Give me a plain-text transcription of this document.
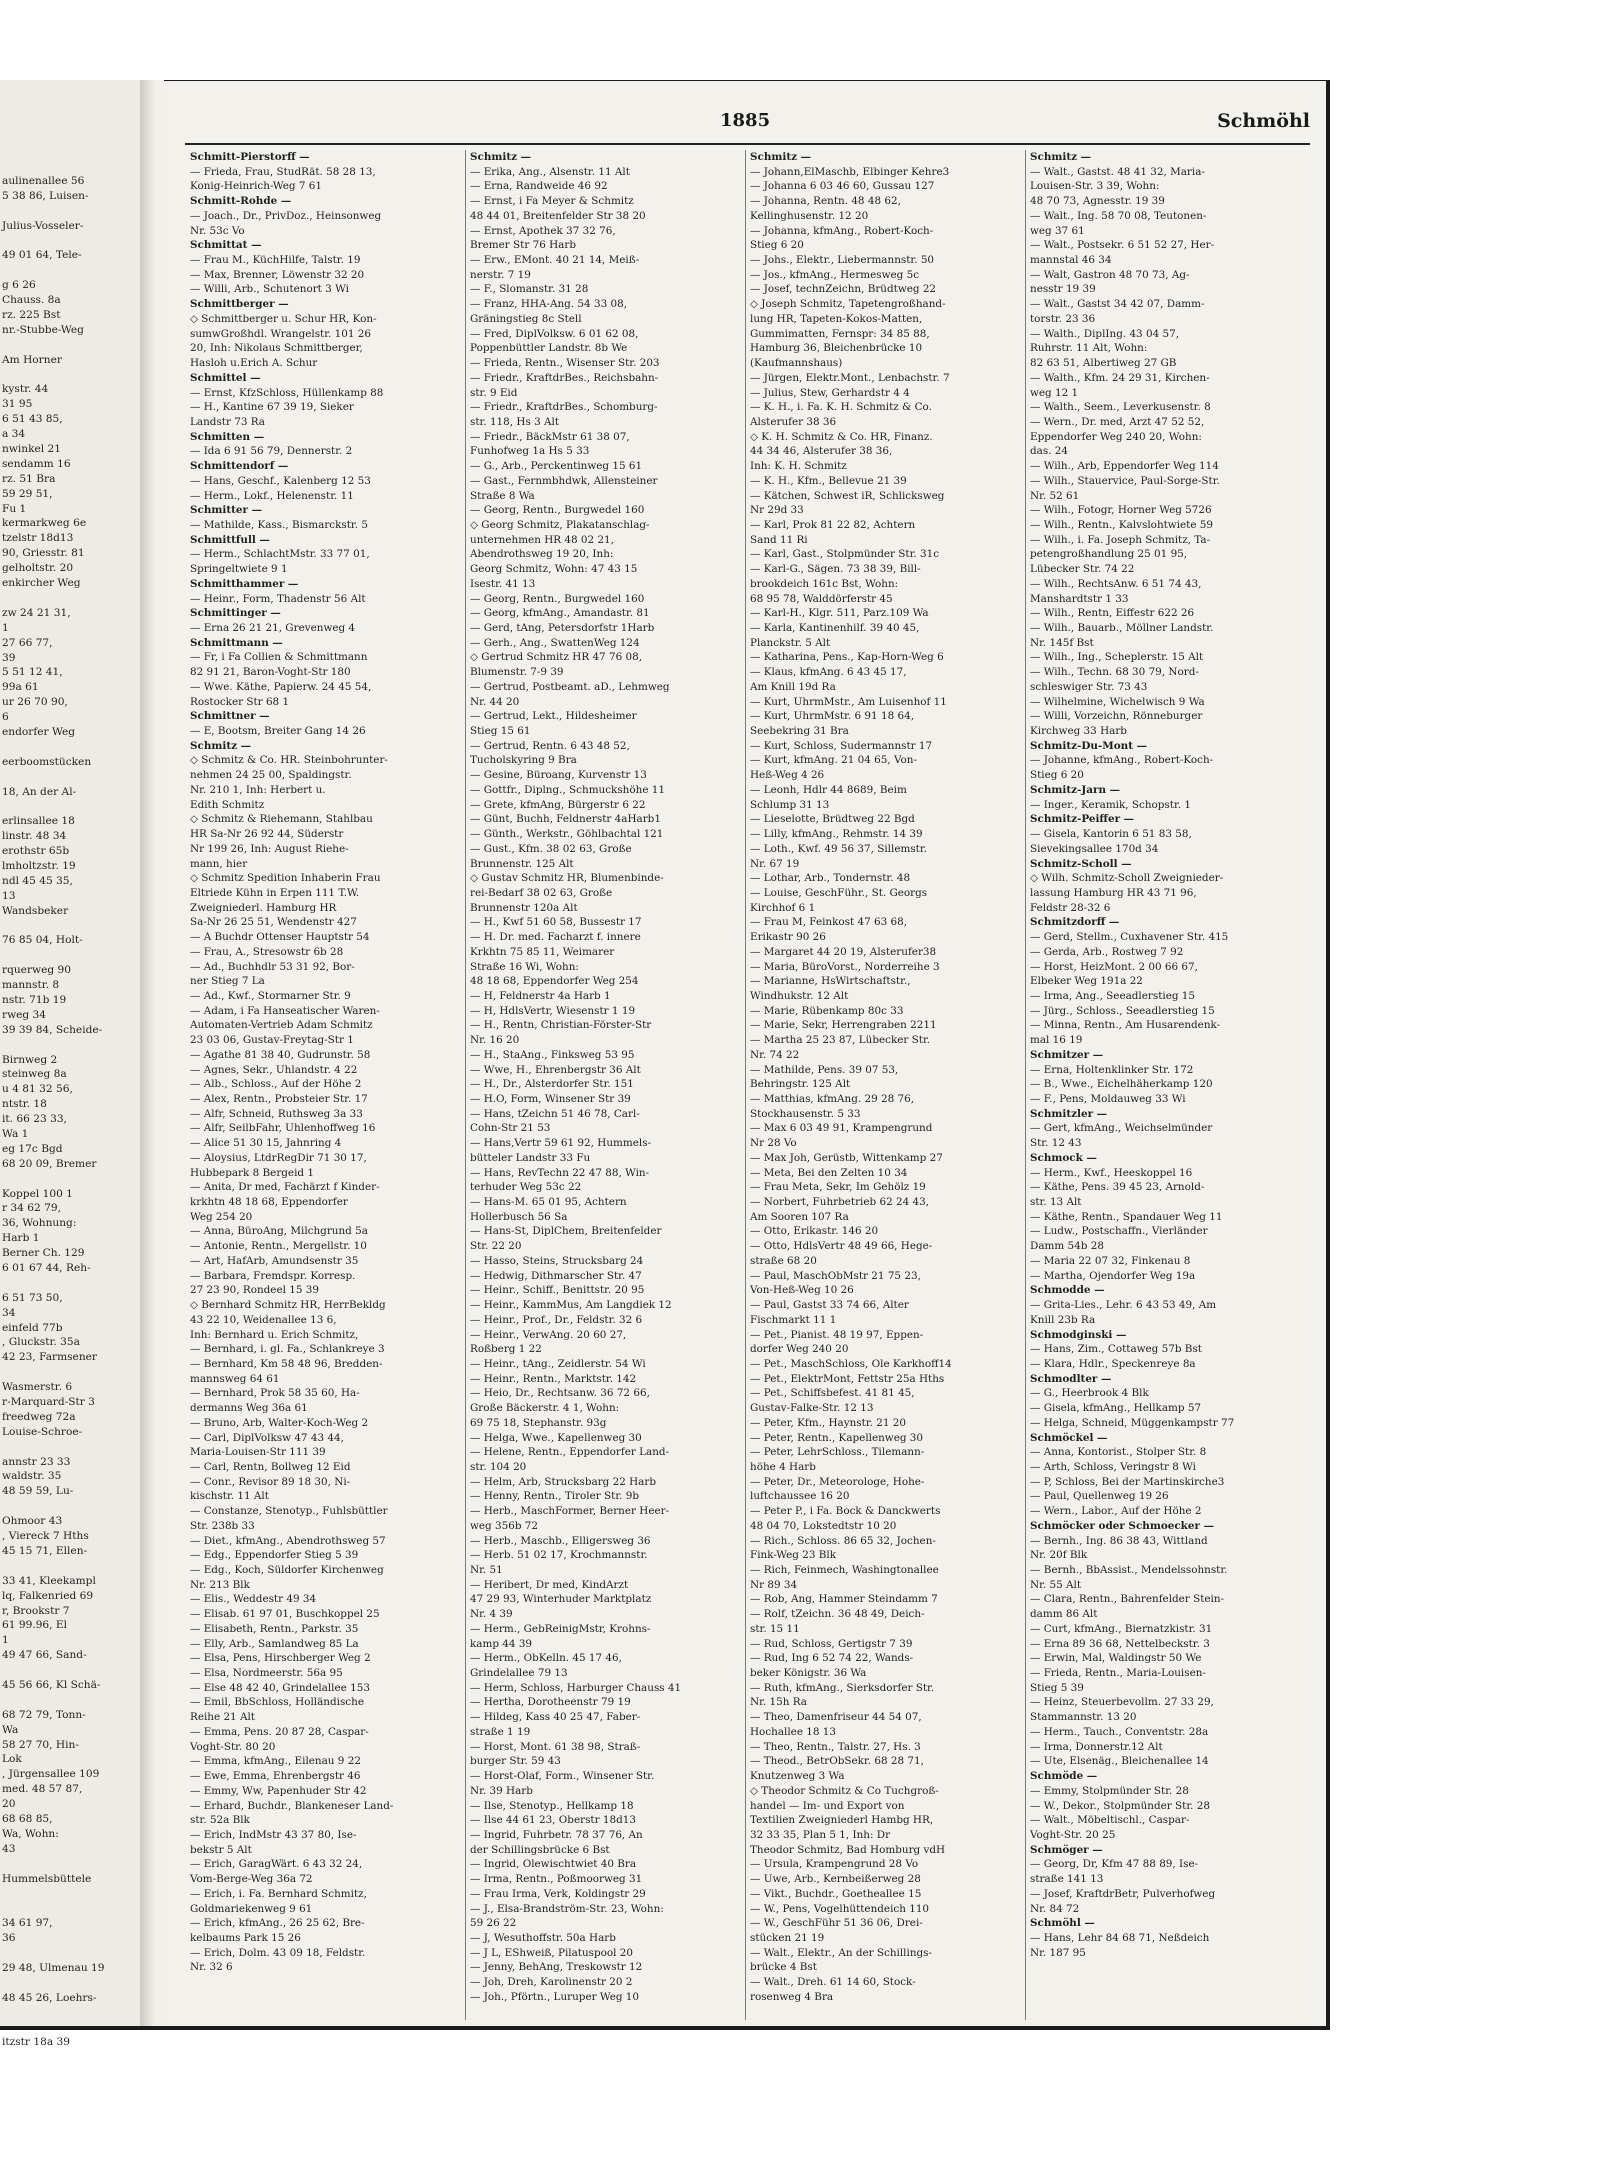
aulinenallee 56
5 38 86, Luisen-
Julius-Vosseler-
49 01 64, Tele-
g 6 26
Chauss. 8a
rz. 225 Bst
nr.-Stubbe-Weg
Am Horner
kystr. 44
31 95
6 51 43 85,
a 34
nwinkel 21
sendamm 16
rz. 51 Bra
59 29 51,
Fu 1
kermarkweg 6e
tzelstr 18d13
90, Griesstr. 81
gelholtstr. 20
enkircher Weg
zw 24 21 31,
1
27 66 77,
39
5 51 12 41,
99a 61
ur 26 70 90,
6
endorfer Weg
eerboomstücken
18, An der Al-
erlinsallee 18
linstr. 48 34
erothstr 65b
lmholtzstr. 19
ndl 45 45 35,
13
Wandsbeker
76 85 04, Holt-
rquerweg 90
mannstr. 8
nstr. 71b 19
rweg 34
39 39 84, Scheide-
Birnweg 2
steinweg 8a
u 4 81 32 56,
ntstr. 18
it. 66 23 33,
Wa 1
eg 17c Bgd
68 20 09, Bremer
Koppel 100 1
r 34 62 79,
36, Wohnung:
Harb 1
Berner Ch. 129
6 01 67 44, Reh-
6 51 73 50,
34
einfeld 77b
, Gluckstr. 35a
42 23, Farmsener
Wasmerstr. 6
r-Marquard-Str 3
freedweg 72a
Louise-Schroe-
annstr 23 33
waldstr. 35
48 59 59, Lu-
Ohmoor 43
, Viereck 7 Hths
45 15 71, Ellen-
33 41, Kleekampl
lq, Falkenried 69
r, Brookstr 7
61 99.96, El
1
49 47 66, Sand-
45 56 66, Kl Schä-
68 72 79, Tonn-
Wa
58 27 70, Hin-
Lok
, Jürgensallee 109
med. 48 57 87,
20
68 68 85,
Wa, Wohn:
43
Hummelsbüttele
34 61 97,
36
29 48, Ulmenau 19
48 45 26, Loehrs-
itzstr 18a 39
1885	Schmöhl
Schmitt-Pierstorff —
— Frieda, Frau, StudRät. 58 28 13,
Konig-Heinrich-Weg 7 61
Schmitt-Rohde —
— Joach., Dr., PrivDoz., Heinsonweg
Nr. 53c Vo
Schmittat —
— Frau M., KüchHilfe, Talstr. 19
— Max, Brenner, Löwenstr 32 20
— Willi, Arb., Schutenort 3 Wi
Schmittberger —
◇ Schmittberger u. Schur HR, Kon-
sumwGroßhdl. Wrangelstr. 101 26
20, Inh: Nikolaus Schmittberger,
Hasloh u.Erich A. Schur
Schmittel —
— Ernst, KfzSchloss, Hüllenkamp 88
— H., Kantine 67 39 19, Sieker
Landstr 73 Ra
Schmitten —
— Ida 6 91 56 79, Dennerstr. 2
Schmittendorf —
— Hans, Geschf., Kalenberg 12 53
— Herm., Lokf., Helenenstr. 11
Schmitter —
— Mathilde, Kass., Bismarckstr. 5
Schmittfull —
— Herm., SchlachtMstr. 33 77 01,
Springeltwiete 9 1
Schmitthammer —
— Heinr., Form, Thadenstr 56 Alt
Schmittinger —
— Erna 26 21 21, Grevenweg 4
Schmittmann —
— Fr, i Fa Collien & Schmittmann
82 91 21, Baron-Voght-Str 180
— Wwe. Käthe, Papierw. 24 45 54,
Rostocker Str 68 1
Schmittner —
— E, Bootsm, Breiter Gang 14 26
Schmitz —
◇ Schmitz & Co. HR. Steinbohrunter-
nehmen 24 25 00, Spaldingstr.
Nr. 210 1, Inh: Herbert u.
Edith Schmitz
◇ Schmitz & Riehemann, Stahlbau
HR Sa-Nr 26 92 44, Süderstr
Nr 199 26, Inh: August Riehe-
mann, hier
◇ Schmitz Spedition Inhaberin Frau
Eltriede Kühn in Erpen 111 T.W.
Zweigniederl. Hamburg HR
Sa-Nr 26 25 51, Wendenstr 427
— A Buchdr Ottenser Hauptstr 54
— Frau, A., Stresowstr 6b 28
— Ad., Buchhdlr 53 31 92, Bor-
ner Stieg 7 La
— Ad., Kwf., Stormarner Str. 9
— Adam, i Fa Hanseatischer Waren-
Automaten-Vertrieb Adam Schmitz
23 03 06, Gustav-Freytag-Str 1
— Agathe 81 38 40, Gudrunstr. 58
— Agnes, Sekr., Uhlandstr. 4 22
— Alb., Schloss., Auf der Höhe 2
— Alex, Rentn., Probsteier Str. 17
— Alfr, Schneid, Ruthsweg 3a 33
— Alfr, SeilbFahr, Uhlenhoffweg 16
— Alice 51 30 15, Jahnring 4
— Aloysius, LtdrRegDir 71 30 17,
Hubbepark 8 Bergeid 1
— Anita, Dr med, Fachärzt f Kinder-
krkhtn 48 18 68, Eppendorfer
Weg 254 20
— Anna, BüroAng, Milchgrund 5a
— Antonie, Rentn., Mergellstr. 10
— Art, HafArb, Amundsenstr 35
— Barbara, Fremdspr. Korresp.
27 23 90, Rondeel 15 39
◇ Bernhard Schmitz HR, HerrBekldg
43 22 10, Weidenallee 13 6,
Inh: Bernhard u. Erich Schmitz,
— Bernhard, i. gl. Fa., Schlankreye 3
— Bernhard, Km 58 48 96, Bredden-
mannsweg 64 61
— Bernhard, Prok 58 35 60, Ha-
dermanns Weg 36a 61
— Bruno, Arb, Walter-Koch-Weg 2
— Carl, DiplVolksw 47 43 44,
Maria-Louisen-Str 111 39
— Carl, Rentn, Bollweg 12 Eid
— Conr., Revisor 89 18 30, Ni-
kischstr. 11 Alt
— Constanze, Stenotyp., Fuhlsbüttler
Str. 238b 33
— Diet., kfmAng., Abendrothsweg 57
— Edg., Eppendorfer Stieg 5 39
— Edg., Koch, Süldorfer Kirchenweg
Nr. 213 Blk
— Elis., Weddestr 49 34
— Elisab. 61 97 01, Buschkoppel 25
— Elisabeth, Rentn., Parkstr. 35
— Elly, Arb., Samlandweg 85 La
— Elsa, Pens, Hirschberger Weg 2
— Elsa, Nordmeerstr. 56a 95
— Else 48 42 40, Grindelallee 153
— Emil, BbSchloss, Holländische
Reihe 21 Alt
— Emma, Pens. 20 87 28, Caspar-
Voght-Str. 80 20
— Emma, kfmAng., Eilenau 9 22
— Ewe, Emma, Ehrenbergstr 46
— Emmy, Ww, Papenhuder Str 42
— Erhard, Buchdr., Blankeneser Land-
str. 52a Blk
— Erich, IndMstr 43 37 80, Ise-
bekstr 5 Alt
— Erich, GaragWärt. 6 43 32 24,
Vom-Berge-Weg 36a 72
— Erich, i. Fa. Bernhard Schmitz,
Goldmariekenweg 9 61
— Erich, kfmAng., 26 25 62, Bre-
kelbaums Park 15 26
— Erich, Dolm. 43 09 18, Feldstr.
Nr. 32 6
Schmitz —
— Erika, Ang., Alsenstr. 11 Alt
— Erna, Randweide 46 92
— Ernst, i Fa Meyer & Schmitz
48 44 01, Breitenfelder Str 38 20
— Ernst, Apothek 37 32 76,
Bremer Str 76 Harb
— Erw., EMont. 40 21 14, Meiß-
nerstr. 7 19
— F., Slomanstr. 31 28
— Franz, HHA-Ang. 54 33 08,
Gräningstieg 8c Stell
— Fred, DiplVolksw. 6 01 62 08,
Poppenbüttler Landstr. 8b We
— Frieda, Rentn., Wisenser Str. 203
— Friedr., KraftdrBes., Reichsbahn-
str. 9 Eid
— Friedr., KraftdrBes., Schomburg-
str. 118, Hs 3 Alt
— Friedr., BäckMstr 61 38 07,
Funhofweg 1a Hs 5 33
— G., Arb., Perckentinweg 15 61
— Gast., Fernmbhdwk, Allensteiner
Straße 8 Wa
— Georg, Rentn., Burgwedel 160
◇ Georg Schmitz, Plakatanschlag-
unternehmen HR 48 02 21,
Abendrothsweg 19 20, Inh:
Georg Schmitz, Wohn: 47 43 15
Isestr. 41 13
— Georg, Rentn., Burgwedel 160
— Georg, kfmAng., Amandastr. 81
— Gerd, tAng, Petersdorfstr 1Harb
— Gerh., Ang., SwattenWeg 124
◇ Gertrud Schmitz HR 47 76 08,
Blumenstr. 7-9 39
— Gertrud, Postbeamt. aD., Lehmweg
Nr. 44 20
— Gertrud, Lekt., Hildesheimer
Stieg 15 61
— Gertrud, Rentn. 6 43 48 52,
Tucholskyring 9 Bra
— Gesine, Büroang, Kurvenstr 13
— Gottfr., Diplng., Schmuckshöhe 11
— Grete, kfmAng, Bürgerstr 6 22
— Günt, Buchh, Feldnerstr 4aHarb1
— Günth., Werkstr., Göhlbachtal 121
— Gust., Kfm. 38 02 63, Große
Brunnenstr. 125 Alt
◇ Gustav Schmitz HR, Blumenbinde-
rei-Bedarf 38 02 63, Große
Brunnenstr 120a Alt
— H., Kwf 51 60 58, Bussestr 17
— H. Dr. med. Facharzt f. innere
Krkhtn 75 85 11, Weimarer
Straße 16 Wi, Wohn:
48 18 68, Eppendorfer Weg 254
— H, Feldnerstr 4a Harb 1
— H, HdlsVertr, Wiesenstr 1 19
— H., Rentn, Christian-Förster-Str
Nr. 16 20
— H., StaAng., Finksweg 53 95
— Wwe, H., Ehrenbergstr 36 Alt
— H., Dr., Alsterdorfer Str. 151
— H.O, Form, Winsener Str 39
— Hans, tZeichn 51 46 78, Carl-
Cohn-Str 21 53
— Hans,Vertr 59 61 92, Hummels-
bütteler Landstr 33 Fu
— Hans, RevTechn 22 47 88, Win-
terhuder Weg 53c 22
— Hans-M. 65 01 95, Achtern
Hollerbusch 56 Sa
— Hans-St, DiplChem, Breitenfelder
Str. 22 20
— Hasso, Steins, Strucksbarg 24
— Hedwig, Dithmarscher Str. 47
— Heinr., Schiff., Benittstr. 20 95
— Heinr., KammMus, Am Langdiek 12
— Heinr., Prof., Dr., Feldstr. 32 6
— Heinr., VerwAng. 20 60 27,
Roßberg 1 22
— Heinr., tAng., Zeidlerstr. 54 Wi
— Heinr., Rentn., Marktstr. 142
— Heio, Dr., Rechtsanw. 36 72 66,
Große Bäckerstr. 4 1, Wohn:
69 75 18, Stephanstr. 93g
— Helga, Wwe., Kapellenweg 30
— Helene, Rentn., Eppendorfer Land-
str. 104 20
— Helm, Arb, Strucksbarg 22 Harb
— Henny, Rentn., Tiroler Str. 9b
— Herb., MaschFormer, Berner Heer-
weg 356b 72
— Herb., Maschb., Elligersweg 36
— Herb. 51 02 17, Krochmannstr.
Nr. 51
— Heribert, Dr med, KindArzt
47 29 93, Winterhuder Marktplatz
Nr. 4 39
— Herm., GebReinigMstr, Krohns-
kamp 44 39
— Herm., ObKelln. 45 17 46,
Grindelallee 79 13
— Herm, Schloss, Harburger Chauss 41
— Hertha, Dorotheenstr 79 19
— Hildeg, Kass 40 25 47, Faber-
straße 1 19
— Horst, Mont. 61 38 98, Straß-
burger Str. 59 43
— Horst-Olaf, Form., Winsener Str.
Nr. 39 Harb
— Ilse, Stenotyp., Hellkamp 18
— Ilse 44 61 23, Oberstr 18d13
— Ingrid, Fuhrbetr. 78 37 76, An
der Schillingsbrücke 6 Bst
— Ingrid, Olewischtwiet 40 Bra
— Irma, Rentn., Poßmoorweg 31
— Frau Irma, Verk, Koldingstr 29
— J., Elsa-Brandström-Str. 23, Wohn:
59 26 22
— J, Wesuthoffstr. 50a Harb
— J L, EShweiß, Pilatuspool 20
— Jenny, BehAng, Treskowstr 12
— Joh, Dreh, Karolinenstr 20 2
— Joh., Pförtn., Luruper Weg 10
Schmitz —
— Johann,ElMaschb, Elbinger Kehre3
— Johanna 6 03 46 60, Gussau 127
— Johanna, Rentn. 48 48 62,
Kellinghusenstr. 12 20
— Johanna, kfmAng., Robert-Koch-
Stieg 6 20
— Johs., Elektr., Liebermannstr. 50
— Jos., kfmAng., Hermesweg 5c
— Josef, technZeichn, Brüdtweg 22
◇ Joseph Schmitz, Tapetengroßhand-
lung HR, Tapeten-Kokos-Matten,
Gummimatten, Fernspr: 34 85 88,
Hamburg 36, Bleichenbrücke 10
(Kaufmannshaus)
— Jürgen, Elektr.Mont., Lenbachstr. 7
— Julius, Stew, Gerhardstr 4 4
— K. H., i. Fa. K. H. Schmitz & Co.
Alsterufer 38 36
◇ K. H. Schmitz & Co. HR, Finanz.
44 34 46, Alsterufer 38 36,
Inh: K. H. Schmitz
— K. H., Kfm., Bellevue 21 39
— Kätchen, Schwest iR, Schlicksweg
Nr 29d 33
— Karl, Prok 81 22 82, Achtern
Sand 11 Ri
— Karl, Gast., Stolpmünder Str. 31c
— Karl-G., Sägen. 73 38 39, Bill-
brookdeich 161c Bst, Wohn:
68 95 78, Walddörferstr 45
— Karl-H., Klgr. 511, Parz.109 Wa
— Karla, Kantinenhilf. 39 40 45,
Planckstr. 5 Alt
— Katharina, Pens., Kap-Horn-Weg 6
— Klaus, kfmAng. 6 43 45 17,
Am Knill 19d Ra
— Kurt, UhrmMstr., Am Luisenhof 11
— Kurt, UhrmMstr. 6 91 18 64,
Seebekring 31 Bra
— Kurt, Schloss, Sudermannstr 17
— Kurt, kfmAng. 21 04 65, Von-
Heß-Weg 4 26
— Leonh, Hdlr 44 8689, Beim
Schlump 31 13
— Lieselotte, Brüdtweg 22 Bgd
— Lilly, kfmAng., Rehmstr. 14 39
— Loth., Kwf. 49 56 37, Sillemstr.
Nr. 67 19
— Lothar, Arb., Tondernstr. 48
— Louise, GeschFühr., St. Georgs
Kirchhof 6 1
— Frau M, Feinkost 47 63 68,
Erikastr 90 26
— Margaret 44 20 19, Alsterufer38
— Maria, BüroVorst., Norderreihe 3
— Marianne, HsWirtschaftstr.,
Windhukstr. 12 Alt
— Marie, Rübenkamp 80c 33
— Marie, Sekr, Herrengraben 2211
— Martha 25 23 87, Lübecker Str.
Nr. 74 22
— Mathilde, Pens. 39 07 53,
Behringstr. 125 Alt
— Matthias, kfmAng. 29 28 76,
Stockhausenstr. 5 33
— Max 6 03 49 91, Krampengrund
Nr 28 Vo
— Max Joh, Gerüstb, Wittenkamp 27
— Meta, Bei den Zelten 10 34
— Frau Meta, Sekr, Im Gehölz 19
— Norbert, Fuhrbetrieb 62 24 43,
Am Sooren 107 Ra
— Otto, Erikastr. 146 20
— Otto, HdlsVertr 48 49 66, Hege-
straße 68 20
— Paul, MaschObMstr 21 75 23,
Von-Heß-Weg 10 26
— Paul, Gastst 33 74 66, Alter
Fischmarkt 11 1
— Pet., Pianist. 48 19 97, Eppen-
dorfer Weg 240 20
— Pet., MaschSchloss, Ole Karkhoff14
— Pet., ElektrMont, Fettstr 25a Hths
— Pet., Schiffsbefest. 41 81 45,
Gustav-Falke-Str. 12 13
— Peter, Kfm., Haynstr. 21 20
— Peter, Rentn., Kapellenweg 30
— Peter, LehrSchloss., Tilemann-
höhe 4 Harb
— Peter, Dr., Meteorologe, Hohe-
luftchaussee 16 20
— Peter P., i Fa. Bock & Danckwerts
48 04 70, Lokstedtstr 10 20
— Rich., Schloss. 86 65 32, Jochen-
Fink-Weg 23 Blk
— Rich, Feinmech, Washingtonallee
Nr 89 34
— Rob, Ang, Hammer Steindamm 7
— Rolf, tZeichn. 36 48 49, Deich-
str. 15 11
— Rud, Schloss, Gertigstr 7 39
— Rud, Ing 6 52 74 22, Wands-
beker Königstr. 36 Wa
— Ruth, kfmAng., Sierksdorfer Str.
Nr. 15h Ra
— Theo, Damenfriseur 44 54 07,
Hochallee 18 13
— Theo, Rentn., Talstr. 27, Hs. 3
— Theod., BetrObSekr. 68 28 71,
Knutzenweg 3 Wa
◇ Theodor Schmitz & Co Tuchgroß-
handel — Im- und Export von
Textilien Zweigniederl Hambg HR,
32 33 35, Plan 5 1, Inh: Dr
Theodor Schmitz, Bad Homburg vdH
— Ursula, Krampengrund 28 Vo
— Uwe, Arb., Kernbeißerweg 28
— Vikt., Buchdr., Goetheallee 15
— W., Pens, Vogelhüttendeich 110
— W., GeschFühr 51 36 06, Drei-
stücken 21 19
— Walt., Elektr., An der Schillings-
brücke 4 Bst
— Walt., Dreh. 61 14 60, Stock-
rosenweg 4 Bra
Schmitz —
— Walt., Gastst. 48 41 32, Maria-
Louisen-Str. 3 39, Wohn:
48 70 73, Agnesstr. 19 39
— Walt., Ing. 58 70 08, Teutonen-
weg 37 61
— Walt., Postsekr. 6 51 52 27, Her-
mannstal 46 34
— Walt, Gastron 48 70 73, Ag-
nesstr 19 39
— Walt., Gastst 34 42 07, Damm-
torstr. 23 36
— Walth., DiplIng. 43 04 57,
Ruhrstr. 11 Alt, Wohn:
82 63 51, Albertiweg 27 GB
— Walth., Kfm. 24 29 31, Kirchen-
weg 12 1
— Walth., Seem., Leverkusenstr. 8
— Wern., Dr. med, Arzt 47 52 52,
Eppendorfer Weg 240 20, Wohn:
das. 24
— Wilh., Arb, Eppendorfer Weg 114
— Wilh., Stauervice, Paul-Sorge-Str.
Nr. 52 61
— Wilh., Fotogr, Horner Weg 5726
— Wilh., Rentn., Kalvslohtwiete 59
— Wilh., i. Fa. Joseph Schmitz, Ta-
petengroßhandlung 25 01 95,
Lübecker Str. 74 22
— Wilh., RechtsAnw. 6 51 74 43,
Manshardtstr 1 33
— Wilh., Rentn, Eiffestr 622 26
— Wilh., Bauarb., Möllner Landstr.
Nr. 145f Bst
— Wilh., Ing., Scheplerstr. 15 Alt
— Wilh., Techn. 68 30 79, Nord-
schleswiger Str. 73 43
— Wilhelmine, Wichelwisch 9 Wa
— Willi, Vorzeichn, Rönneburger
Kirchweg 33 Harb
Schmitz-Du-Mont —
— Johanne, kfmAng., Robert-Koch-
Stieg 6 20
Schmitz-Jarn —
— Inger., Keramik, Schopstr. 1
Schmitz-Peiffer —
— Gisela, Kantorin 6 51 83 58,
Sievekingsallee 170d 34
Schmitz-Scholl —
◇ Wilh. Schmitz-Scholl Zweignieder-
lassung Hamburg HR 43 71 96,
Feldstr 28-32 6
Schmitzdorff —
— Gerd, Stellm., Cuxhavener Str. 415
— Gerda, Arb., Rostweg 7 92
— Horst, HeizMont. 2 00 66 67,
Elbeker Weg 191a 22
— Irma, Ang., Seeadlerstieg 15
— Jürg., Schloss., Seeadlerstieg 15
— Minna, Rentn., Am Husarendenk-
mal 16 19
Schmitzer —
— Erna, Holtenklinker Str. 172
— B., Wwe., Eichelhäherkamp 120
— F., Pens, Moldauweg 33 Wi
Schmitzler —
— Gert, kfmAng., Weichselmünder
Str. 12 43
Schmock —
— Herm., Kwf., Heeskoppel 16
— Käthe, Pens. 39 45 23, Arnold-
str. 13 Alt
— Käthe, Rentn., Spandauer Weg 11
— Ludw., Postschaffn., Vierländer
Damm 54b 28
— Maria 22 07 32, Finkenau 8
— Martha, Ojendorfer Weg 19a
Schmodde —
— Grita-Lies., Lehr. 6 43 53 49, Am
Knill 23b Ra
Schmodginski —
— Hans, Zim., Cottaweg 57b Bst
— Klara, Hdlr., Speckenreye 8a
Schmodlter —
— G., Heerbrook 4 Blk
— Gisela, kfmAng., Hellkamp 57
— Helga, Schneid, Müggenkampstr 77
Schmöckel —
— Anna, Kontorist., Stolper Str. 8
— Arth, Schloss, Veringstr 8 Wi
— P, Schloss, Bei der Martinskirche3
— Paul, Quellenweg 19 26
— Wern., Labor., Auf der Höhe 2
Schmöcker oder Schmoecker —
— Bernh., Ing. 86 38 43, Wittland
Nr. 20f Blk
— Bernh., BbAssist., Mendelssohnstr.
Nr. 55 Alt
— Clara, Rentn., Bahrenfelder Stein-
damm 86 Alt
— Curt, kfmAng., Biernatzkistr. 31
— Erna 89 36 68, Nettelbeckstr. 3
— Erwin, Mal, Waldingstr 50 We
— Frieda, Rentn., Maria-Louisen-
Stieg 5 39
— Heinz, Steuerbevollm. 27 33 29,
Stammannstr. 13 20
— Herm., Tauch., Conventstr. 28a
— Irma, Donnerstr.12 Alt
— Ute, Elsenäg., Bleichenallee 14
Schmöde —
— Emmy, Stolpmünder Str. 28
— W., Dekor., Stolpmünder Str. 28
— Walt., Möbeltischl., Caspar-
Voght-Str. 20 25
Schmöger —
— Georg, Dr, Kfm 47 88 89, Ise-
straße 141 13
— Josef, KraftdrBetr, Pulverhofweg
Nr. 84 72
Schmöhl —
— Hans, Lehr 84 68 71, Neßdeich
Nr. 187 95
